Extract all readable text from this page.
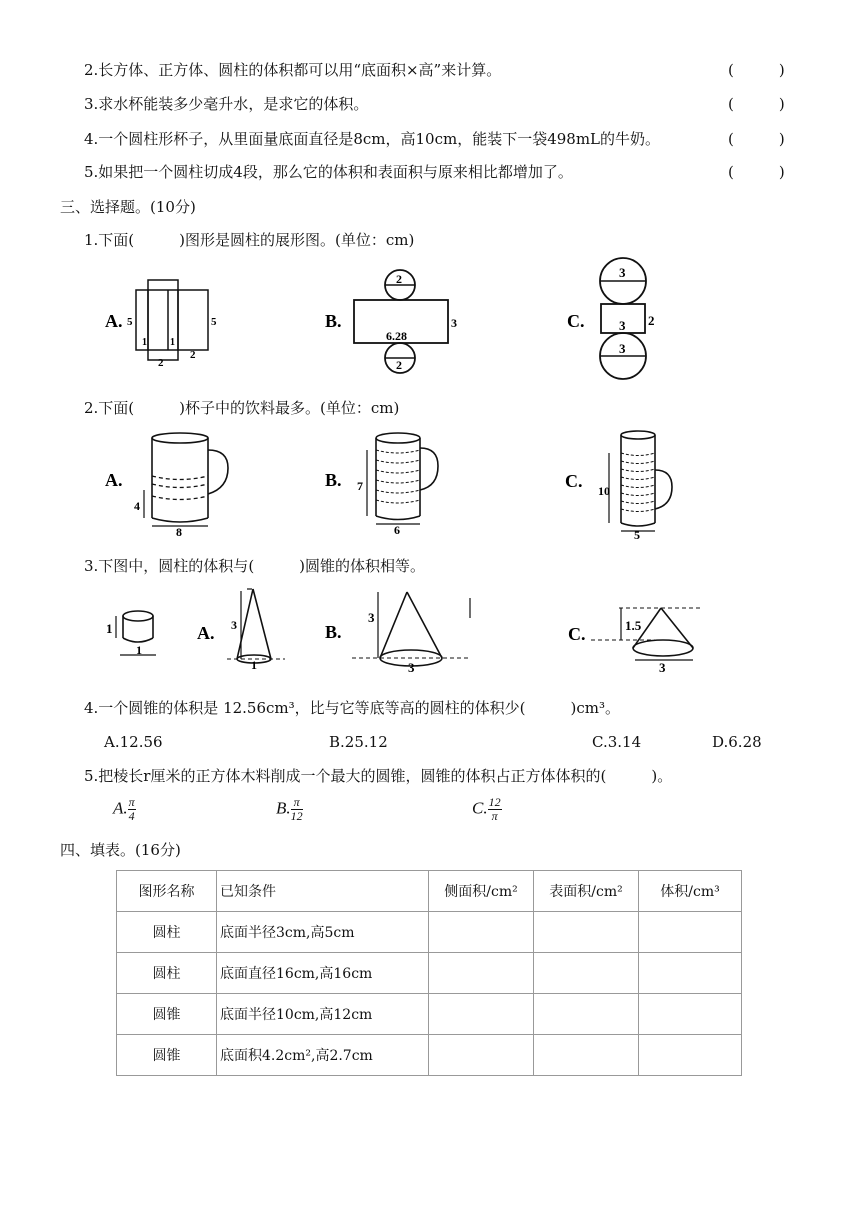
2.长方体、正方体、圆柱的体积都可以用“底面积×高”来计算。	(　　　)
3.求水杯能装多少毫升水，是求它的体积。	(　　　)
4.一个圆柱形杯子，从里面量底面直径是8cm，高10cm，能装下一袋498mL的牛奶。	(　　　)
5.如果把一个圆柱切成4段，那么它的体积和表面积与原来相比都增加了。	(　　　)
三、选择题。(10分)
1.下面(　　　)图形是圆柱的展形图。(单位：cm)
A. 5
1 1
2
5
2
B.
2
6.28
3
2
C.
3
3 2
3
2.下面(　　　)杯子中的饮料最多。(单位：cm)
A.
4
8
B. 7
6
C. 10
5
3.下图中，圆柱的体积与(　　　)圆锥的体积相等。
1
1
A. 3
1
B.
3
3
C.	1.5
3
4.一个圆锥的体积是 12.56cm³，比与它等底等高的圆柱的体积少(　　　)cm³。
A.12.56	B.25.12	C.3.14	D.6.28
5.把棱长r厘米的正方体木料削成一个最大的圆锥，圆锥的体积占正方体体积的(　　　)。
A. $\frac{\pi}{4}$	B. $\frac{\pi}{12}$	C. $\frac{12}{\pi}$
四、填表。(16分)
图形名称	已知条件	侧面积/cm²	表面积/cm²	体积/cm³
圆柱	底面半径3cm,高5cm			
圆柱	底面直径16cm,高16cm			
圆锥	底面半径10cm,高12cm			
圆锥	底面积4.2cm²,高2.7cm			
